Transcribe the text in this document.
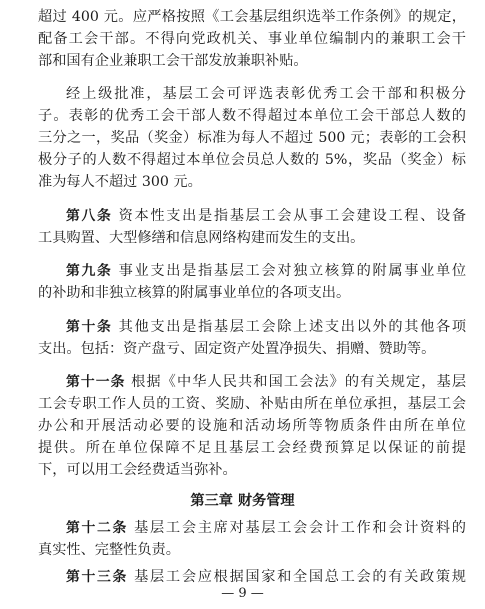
超过 400 元。应严格按照《工会基层组织选举工作条例》的规定，
配备工会干部。不得向党政机关、事业单位编制内的兼职工会干
部和国有企业兼职工会干部发放兼职补贴。
经上级批准，基层工会可评选表彰优秀工会干部和积极分
子。表彰的优秀工会干部人数不得超过本单位工会干部总人数的
三分之一，奖品（奖金）标准为每人不超过 500 元；表彰的工会积
极分子的人数不得超过本单位会员总人数的 5%，奖品（奖金）标
准为每人不超过 300 元。
第八条 资本性支出是指基层工会从事工会建设工程、设备
工具购置、大型修缮和信息网络构建而发生的支出。
第九条 事业支出是指基层工会对独立核算的附属事业单位
的补助和非独立核算的附属事业单位的各项支出。
第十条 其他支出是指基层工会除上述支出以外的其他各项
支出。包括：资产盘亏、固定资产处置净损失、捐赠、赞助等。
第十一条 根据《中华人民共和国工会法》的有关规定，基层
工会专职工作人员的工资、奖励、补贴由所在单位承担，基层工会
办公和开展活动必要的设施和活动场所等物质条件由所在单位
提供。所在单位保障不足且基层工会经费预算足以保证的前提
下，可以用工会经费适当弥补。
第三章 财务管理
第十二条 基层工会主席对基层工会会计工作和会计资料的
真实性、完整性负责。
第十三条 基层工会应根据国家和全国总工会的有关政策规
— 9 —
